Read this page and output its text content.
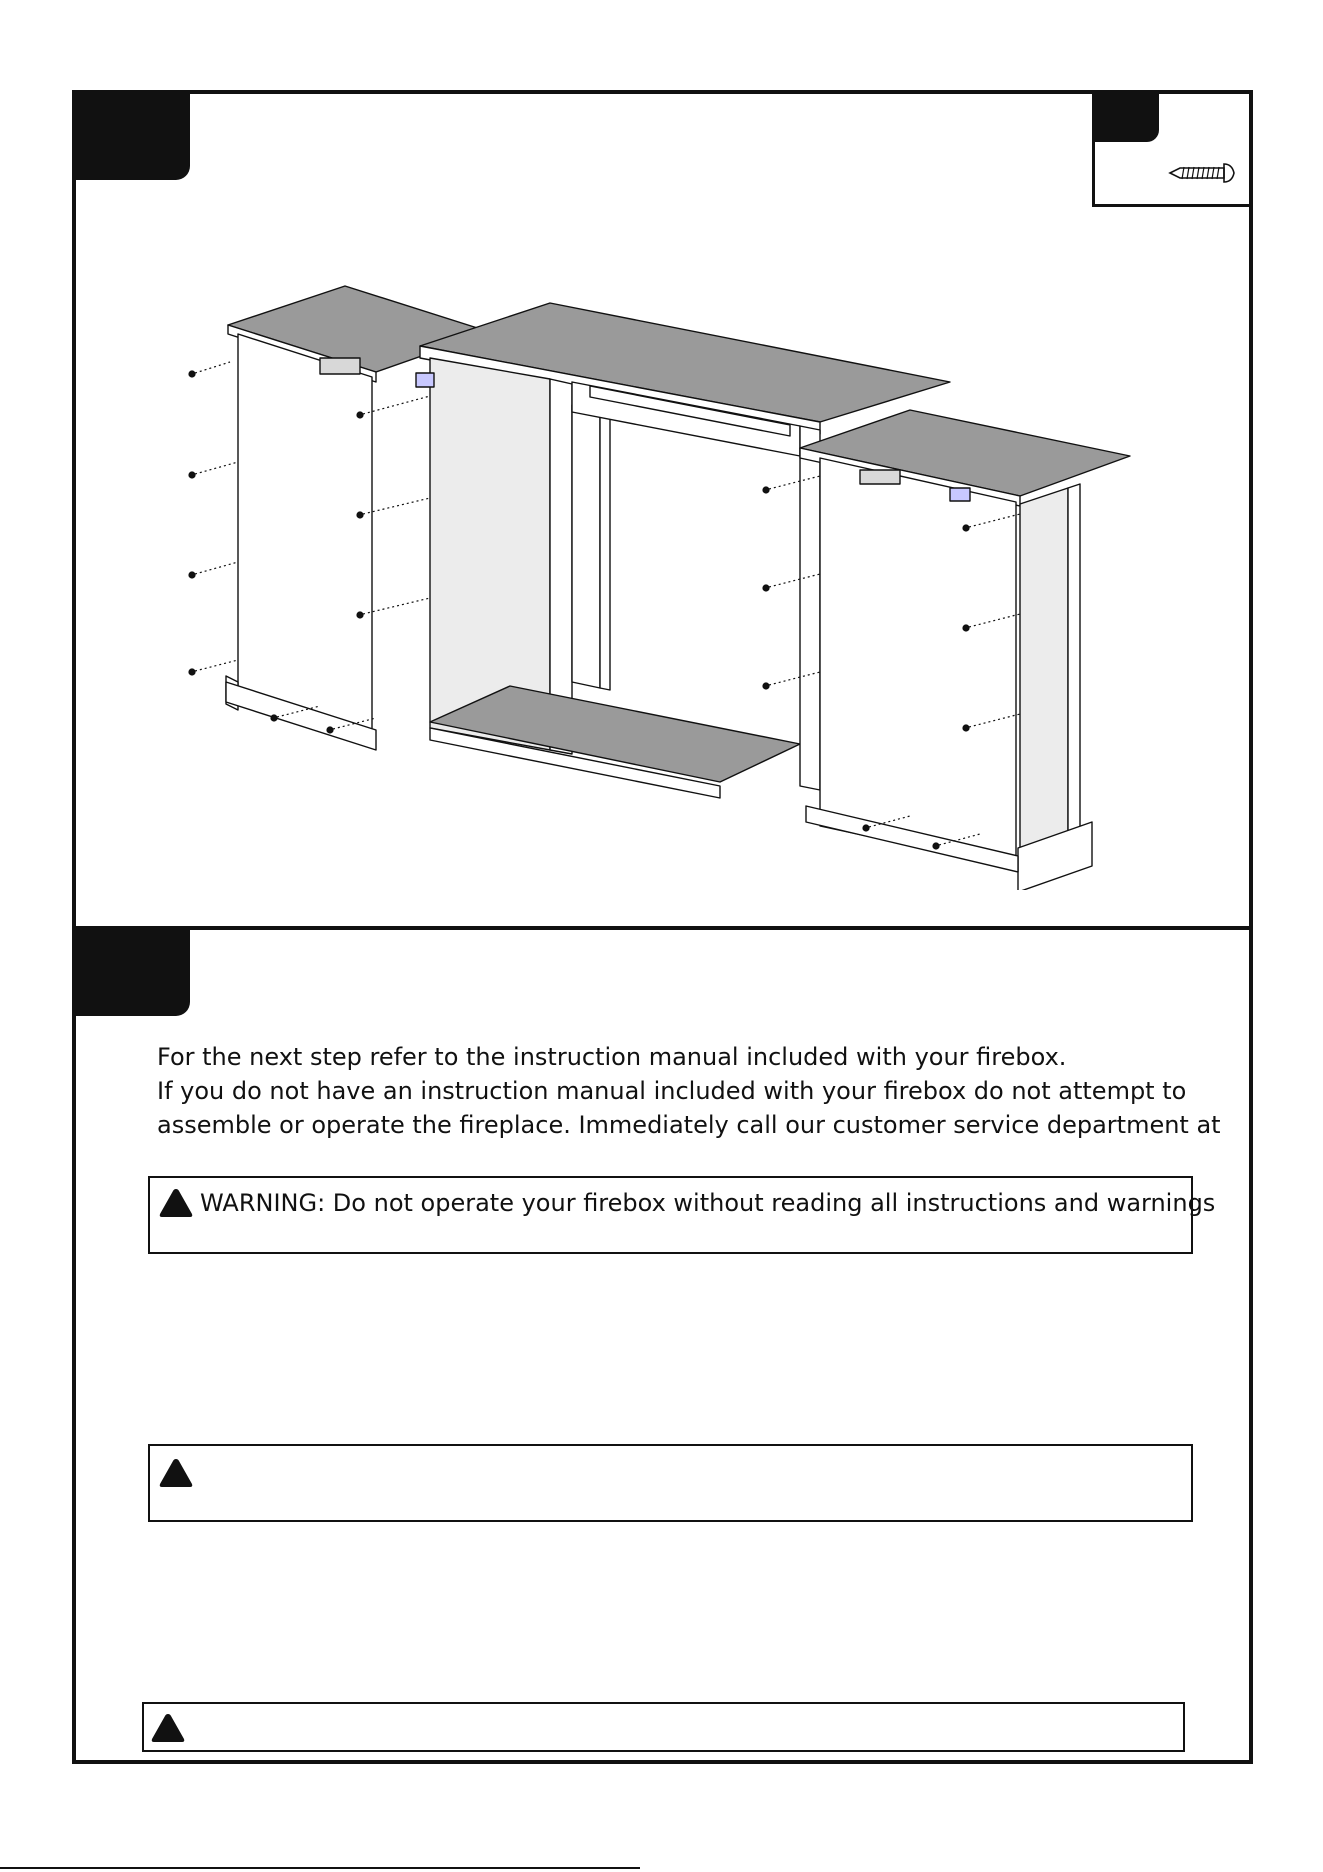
For the next step refer to the instruction manual included with your firebox.

If you do not have an instruction manual included with your firebox do not attempt to

assemble or operate the fireplace. Immediately call our customer service department at

WARNING: Do not operate your firebox without reading all instructions and warnings
